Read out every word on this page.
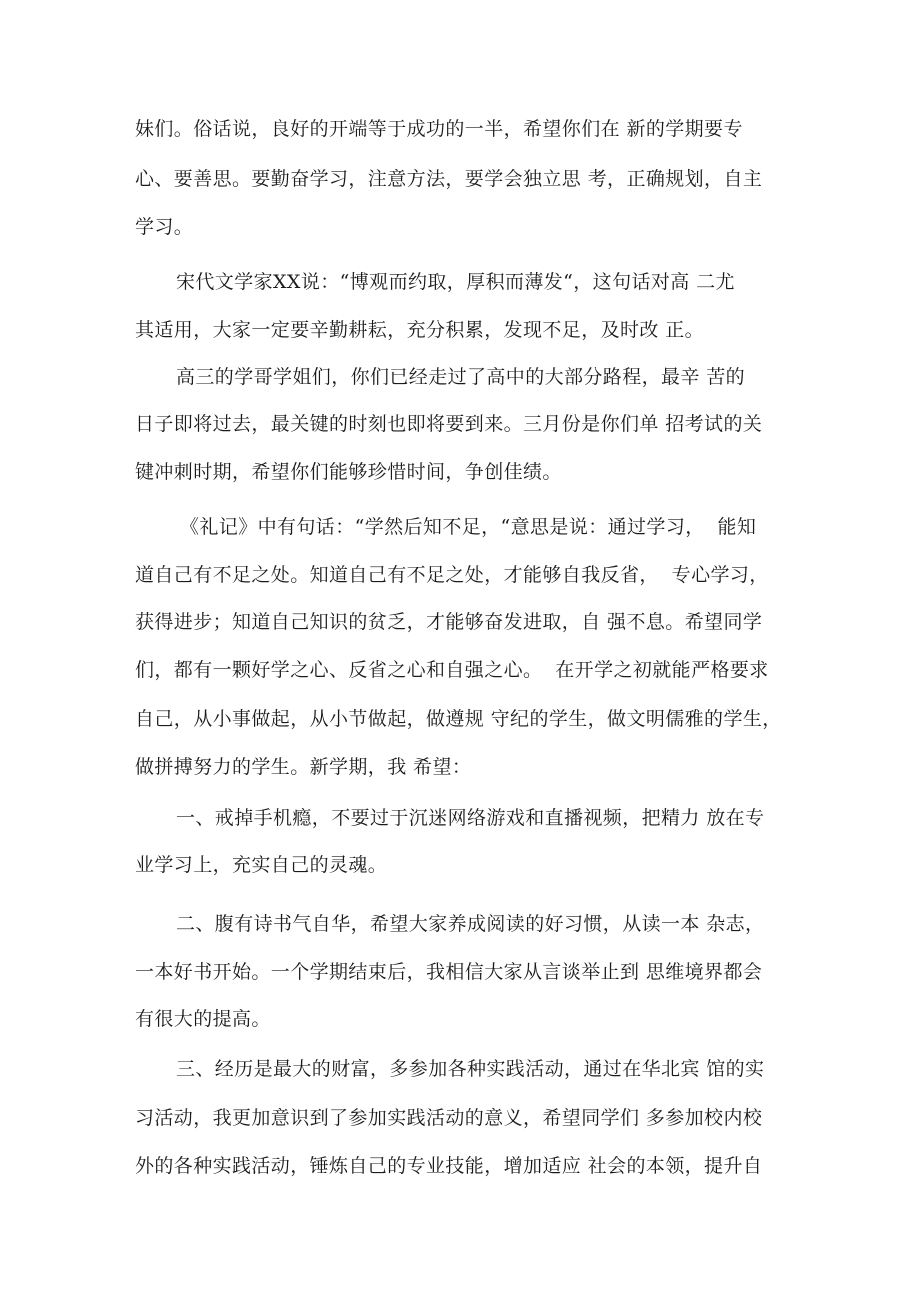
妹们。俗话说，良好的开端等于成功的一半，希望你们在 新的学期要专
心、要善思。要勤奋学习，注意方法，要学会独立思 考，正确规划，自主
学习。
宋代文学家XX说：“博观而约取，厚积而薄发“，这句话对高 二尤
其适用，大家一定要辛勤耕耘，充分积累，发现不足，及时改 正。
高三的学哥学姐们，你们已经走过了高中的大部分路程，最辛 苦的
日子即将过去，最关键的时刻也即将要到来。三月份是你们单 招考试的关
键冲刺时期，希望你们能够珍惜时间，争创佳绩。
《礼记》中有句话：“学然后知不足，“意思是说：通过学习，  能知
道自己有不足之处。知道自己有不足之处，才能够自我反省，  专心学习，
获得进步；知道自己知识的贫乏，才能够奋发进取，自 强不息。希望同学
们，都有一颗好学之心、反省之心和自强之心。  在开学之初就能严格要求
自己，从小事做起，从小节做起，做遵规 守纪的学生，做文明儒雅的学生，
做拼搏努力的学生。新学期，我 希望：
一、戒掉手机瘾，不要过于沉迷网络游戏和直播视频，把精力 放在专
业学习上，充实自己的灵魂。
二、腹有诗书气自华，希望大家养成阅读的好习惯，从读一本 杂志，
一本好书开始。一个学期结束后，我相信大家从言谈举止到 思维境界都会
有很大的提高。
三、经历是最大的财富，多参加各种实践活动，通过在华北宾 馆的实
习活动，我更加意识到了参加实践活动的意义，希望同学们 多参加校内校
外的各种实践活动，锤炼自己的专业技能，增加适应 社会的本领，提升自
